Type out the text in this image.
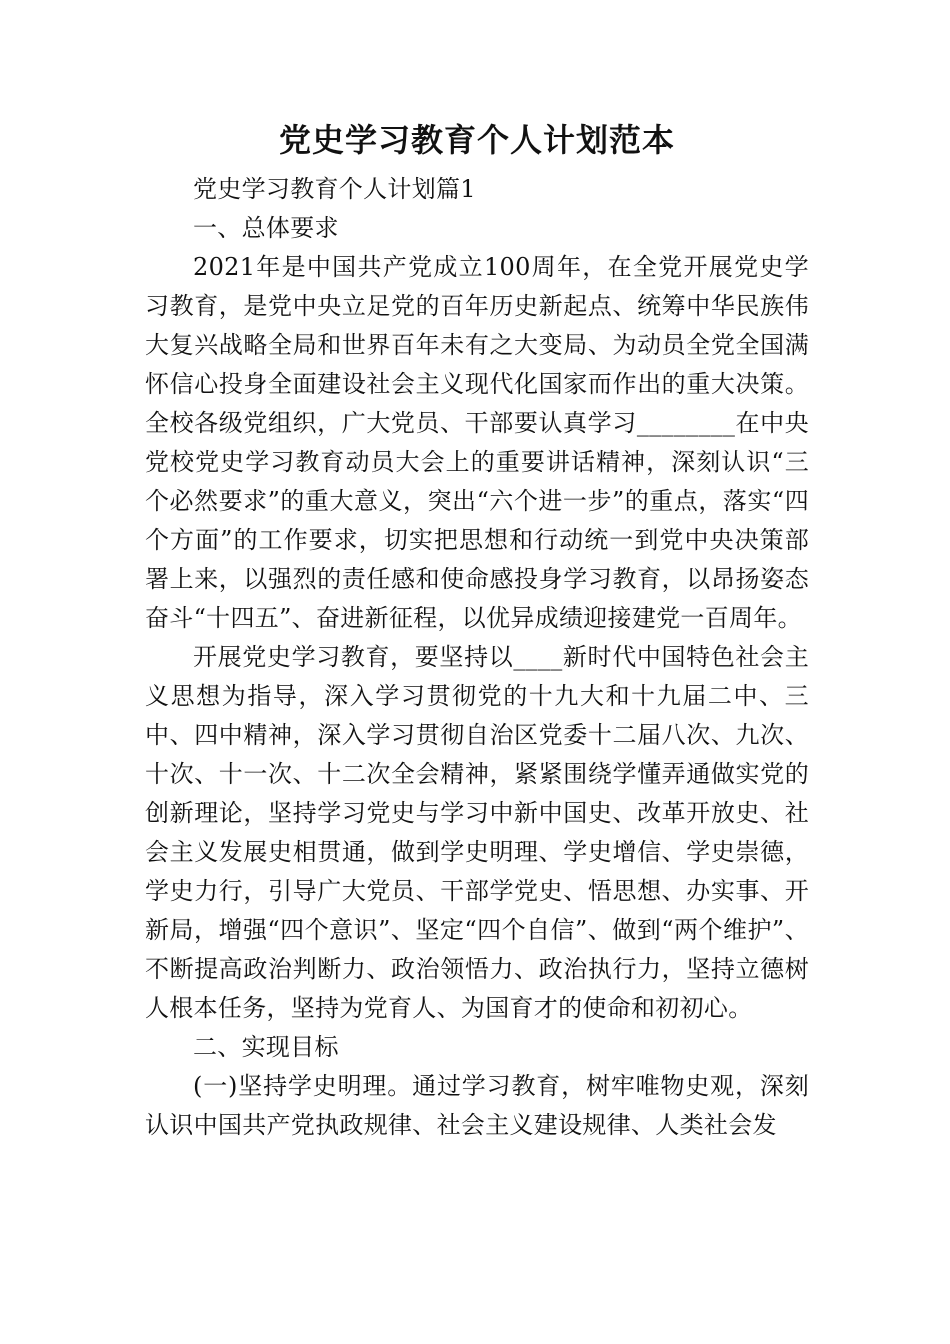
党史学习教育个人计划范本

党史学习教育个人计划篇1

一、总体要求

2021年是中国共产党成立100周年，在全党开展党史学习教育，是党中央立足党的百年历史新起点、统筹中华民族伟大复兴战略全局和世界百年未有之大变局、为动员全党全国满怀信心投身全面建设社会主义现代化国家而作出的重大决策。全校各级党组织，广大党员、干部要认真学习________在中央党校党史学习教育动员大会上的重要讲话精神，深刻认识“三个必然要求”的重大意义，突出“六个进一步”的重点，落实“四个方面”的工作要求，切实把思想和行动统一到党中央决策部署上来，以强烈的责任感和使命感投身学习教育，以昂扬姿态奋斗“十四五”、奋进新征程，以优异成绩迎接建党一百周年。

开展党史学习教育，要坚持以____新时代中国特色社会主义思想为指导，深入学习贯彻党的十九大和十九届二中、三中、四中精神，深入学习贯彻自治区党委十二届八次、九次、十次、十一次、十二次全会精神，紧紧围绕学懂弄通做实党的创新理论，坚持学习党史与学习中新中国史、改革开放史、社会主义发展史相贯通，做到学史明理、学史增信、学史崇德，学史力行，引导广大党员、干部学党史、悟思想、办实事、开新局，增强“四个意识”、坚定“四个自信”、做到“两个维护”、不断提高政治判断力、政治领悟力、政治执行力，坚持立德树人根本任务，坚持为党育人、为国育才的使命和初初心。

二、实现目标

(一)坚持学史明理。通过学习教育，树牢唯物史观，深刻认识中国共产党执政规律、社会主义建设规律、人类社会发
